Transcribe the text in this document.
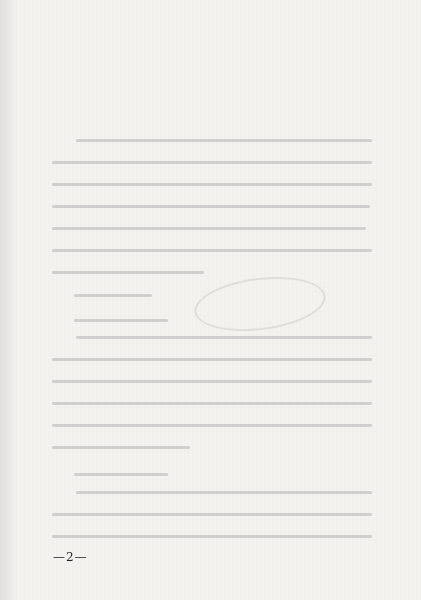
—2—
